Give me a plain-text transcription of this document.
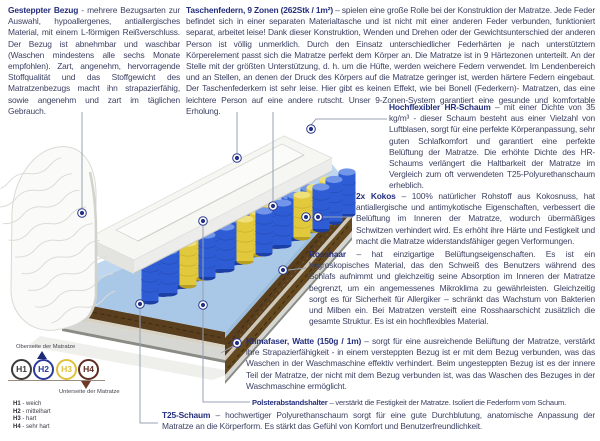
Gesteppter Bezug - mehrere Bezugsarten zur Auswahl, hypoallergenes, antiallergisches Material, mit einem L-förmigen Reißverschluss. Der Bezug ist abnehmbar und waschbar (Waschen mindestens alle sechs Monate empfohlen). Zart, angenehm, hervorragende Stoffqualität und das Stoffgewicht des Matratzenbezugs macht ihn strapazierfähig, sowie angenehm und zart im täglichen Gebrauch.

Taschenfedern, 9 Zonen (262Stk / 1m²) – spielen eine große Rolle bei der Konstruktion der Matratze. Jede Feder befindet sich in einer separaten Materialtasche und ist nicht mit einer anderen Feder verbunden, funktioniert separat, arbeitet leise! Dank dieser Konstruktion, Wenden und Drehen oder der Gewichtsunterschied der anderen Person ist völlig unmerklich. Durch den Einsatz unterschiedlicher Federhärten je nach unterstütztem Körperelement passt sich die Matratze perfekt dem Körper an. Die Matratze ist in 9 Härtezonen unterteilt. An der Stelle mit der größten Unterstützung, d. h. um die Hüfte, werden weichere Federn verwendet. Im Lendenbereich und an Stellen, an denen der Druck des Körpers auf die Matratze geringer ist, werden härtere Federn eingebaut. Der Taschenfederkern ist sehr leise. Hier gibt es keinen Effekt, wie bei Bonell (Federkern)- Matratzen, das eine leichtere Person auf eine andere rutscht. Unser 9-Zonen-System garantiert eine gesunde und komfortable Erholung.	Hochflexibler HR-Schaum – mit einer Dichte von 35 kg/m³ - dieser Schaum besteht aus einer Vielzahl von Luftblasen, sorgt für eine perfekte Körperanpassung, sehr guten Schlafkomfort und garantiert eine perfekte Belüftung der Matratze. Die erhöhte Dichte des HR-Schaums verlängert die Haltbarkeit der Matratze im Vergleich zum oft verwendeten T25-Polyurethanschaum erheblich.

2x Kokos – 100% natürlicher Rohstoff aus Kokosnuss, hat antiallergische und antimykotische Eigenschaften, verbessert die Belüftung im Inneren der Matratze, wodurch übermäßiges Schwitzen verhindert wird. Es erhöht ihre Härte und Festigkeit und macht die Matratze widerstandsfähiger gegen Verformungen.

Rosshaar – hat einzigartige Belüftungseigenschaften. Es ist ein hygroskopisches Material, das den Schweiß des Benutzers während des Schlafs aufnimmt und gleichzeitig seine Absorption im Inneren der Matratze begrenzt, um ein angemessenes Mikroklima zu gewährleisten. Gleichzeitig sorgt es für Sicherheit für Allergiker – schränkt das Wachstum von Bakterien und Milben ein. Bei Matratzen versteift eine Rosshaarschicht zusätzlich die gesamte Struktur. Es ist ein hochflexibles Material.

Klimafaser, Watte (150g / 1m) – sorgt für eine ausreichende Belüftung der Matratze, verstärkt ihre Strapazierfähigkeit - in einem versteppten Bezug ist er mit dem Bezug verbunden, was das Waschen in der Waschmaschine effektiv verhindert. Beim ungesteppten Bezug ist es der innere Teil der Matratze, der nicht mit dem Bezug verbunden ist, was das Waschen des Bezuges in der Waschmaschine ermöglicht.

Polsterabstandshalter – verstärkt die Festigkeit der Matratze. Isoliert die Federform vom Schaum.

T25-Schaum – hochwertiger Polyurethanschaum sorgt für eine gute Durchblutung, anatomische Anpassung der Matratze an die Körperform. Es stärkt das Gefühl von Komfort und Benutzerfreundlichkeit.

Oberseite der Matratze
H1	H2	H3	H4
Unterseite der Matratze
H1 - weich
H2 - mittelhart
H3 - hart
H4 - sehr hart
